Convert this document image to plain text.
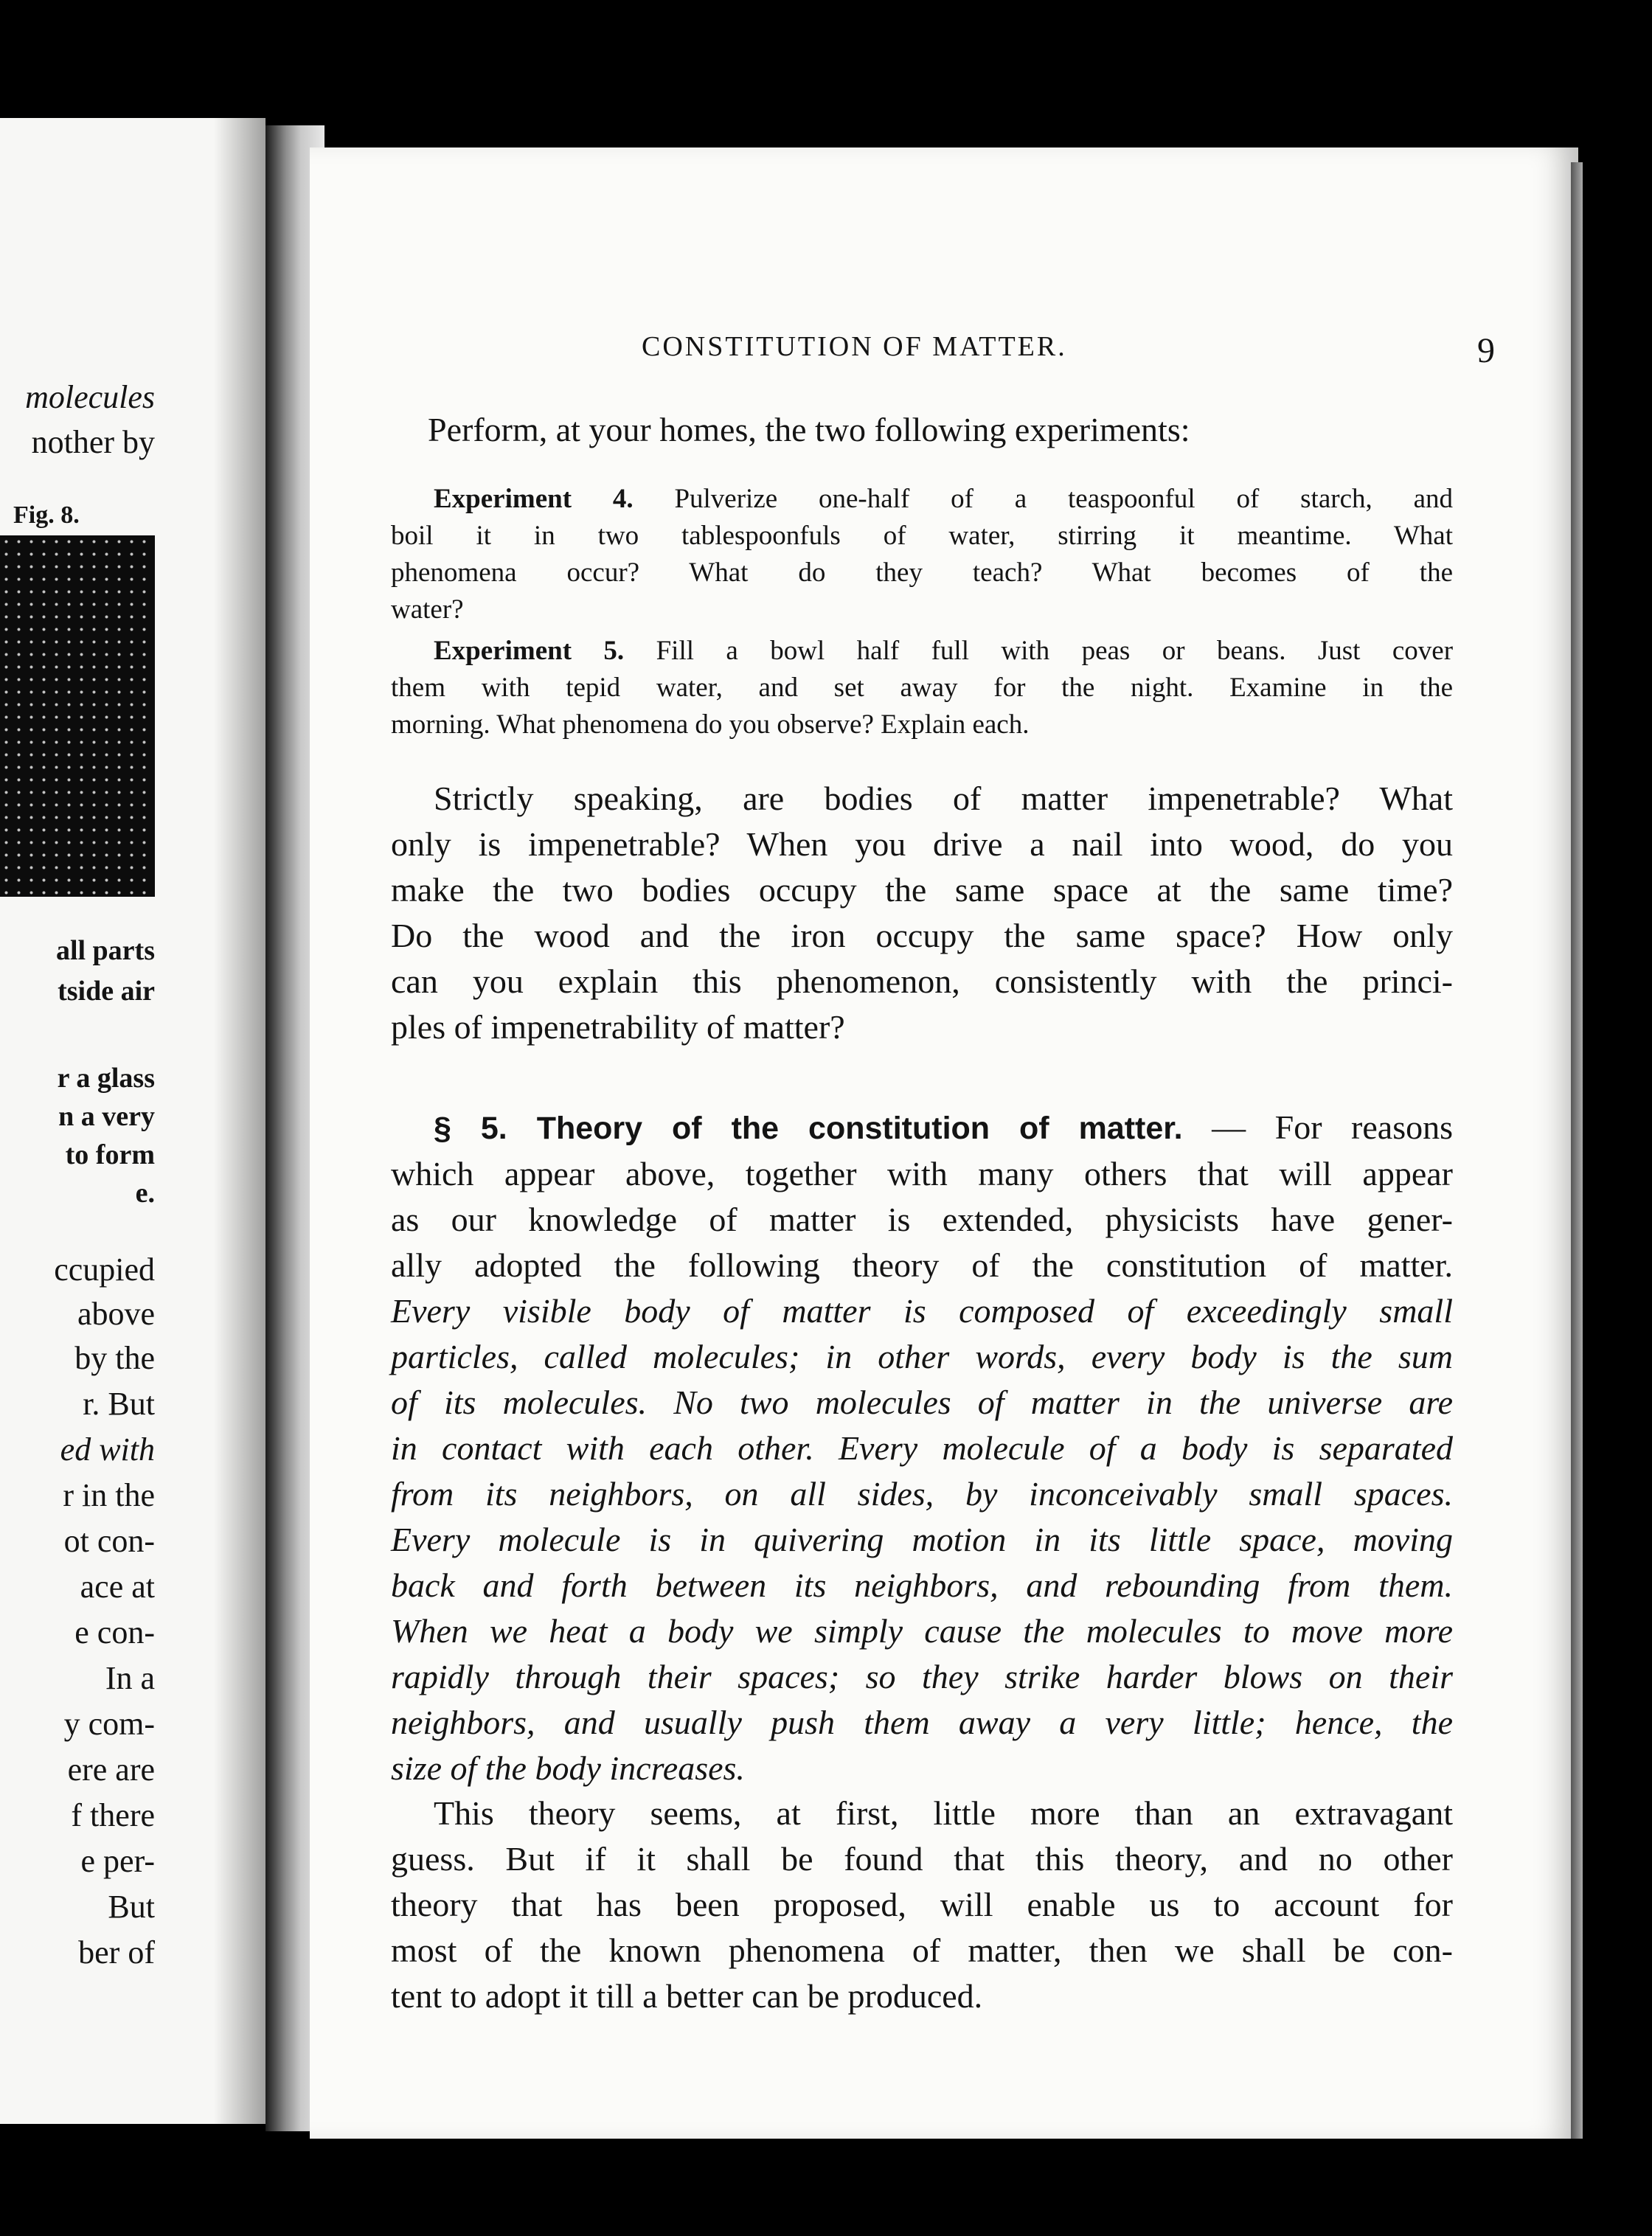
molecules
nother by
Fig. 8.
all parts
tside air
r a glass
n a very
to form
e.
ccupied
above
by the
r. But
ed with
r in the
ot con-
ace at
e con-
In a
y com-
ere are
f there
e per-
But
ber of
CONSTITUTION OF MATTER.	9
Perform, at your homes, the two following experiments:
Experiment 4. Pulverize one-half of a teaspoonful of starch, and
boil it in two tablespoonfuls of water, stirring it meantime. What
phenomena occur? What do they teach? What becomes of the
water?
Experiment 5. Fill a bowl half full with peas or beans. Just cover
them with tepid water, and set away for the night. Examine in the
morning. What phenomena do you observe? Explain each.
Strictly speaking, are bodies of matter impenetrable? What
only is impenetrable? When you drive a nail into wood, do you
make the two bodies occupy the same space at the same time?
Do the wood and the iron occupy the same space? How only
can you explain this phenomenon, consistently with the princi-
ples of impenetrability of matter?
§ 5. Theory of the constitution of matter. — For reasons
which appear above, together with many others that will appear
as our knowledge of matter is extended, physicists have gener-
ally adopted the following theory of the constitution of matter.
Every visible body of matter is composed of exceedingly small
particles, called molecules; in other words, every body is the sum
of its molecules. No two molecules of matter in the universe are
in contact with each other. Every molecule of a body is separated
from its neighbors, on all sides, by inconceivably small spaces.
Every molecule is in quivering motion in its little space, moving
back and forth between its neighbors, and rebounding from them.
When we heat a body we simply cause the molecules to move more
rapidly through their spaces; so they strike harder blows on their
neighbors, and usually push them away a very little; hence, the
size of the body increases.
This theory seems, at first, little more than an extravagant
guess. But if it shall be found that this theory, and no other
theory that has been proposed, will enable us to account for
most of the known phenomena of matter, then we shall be con-
tent to adopt it till a better can be produced.
